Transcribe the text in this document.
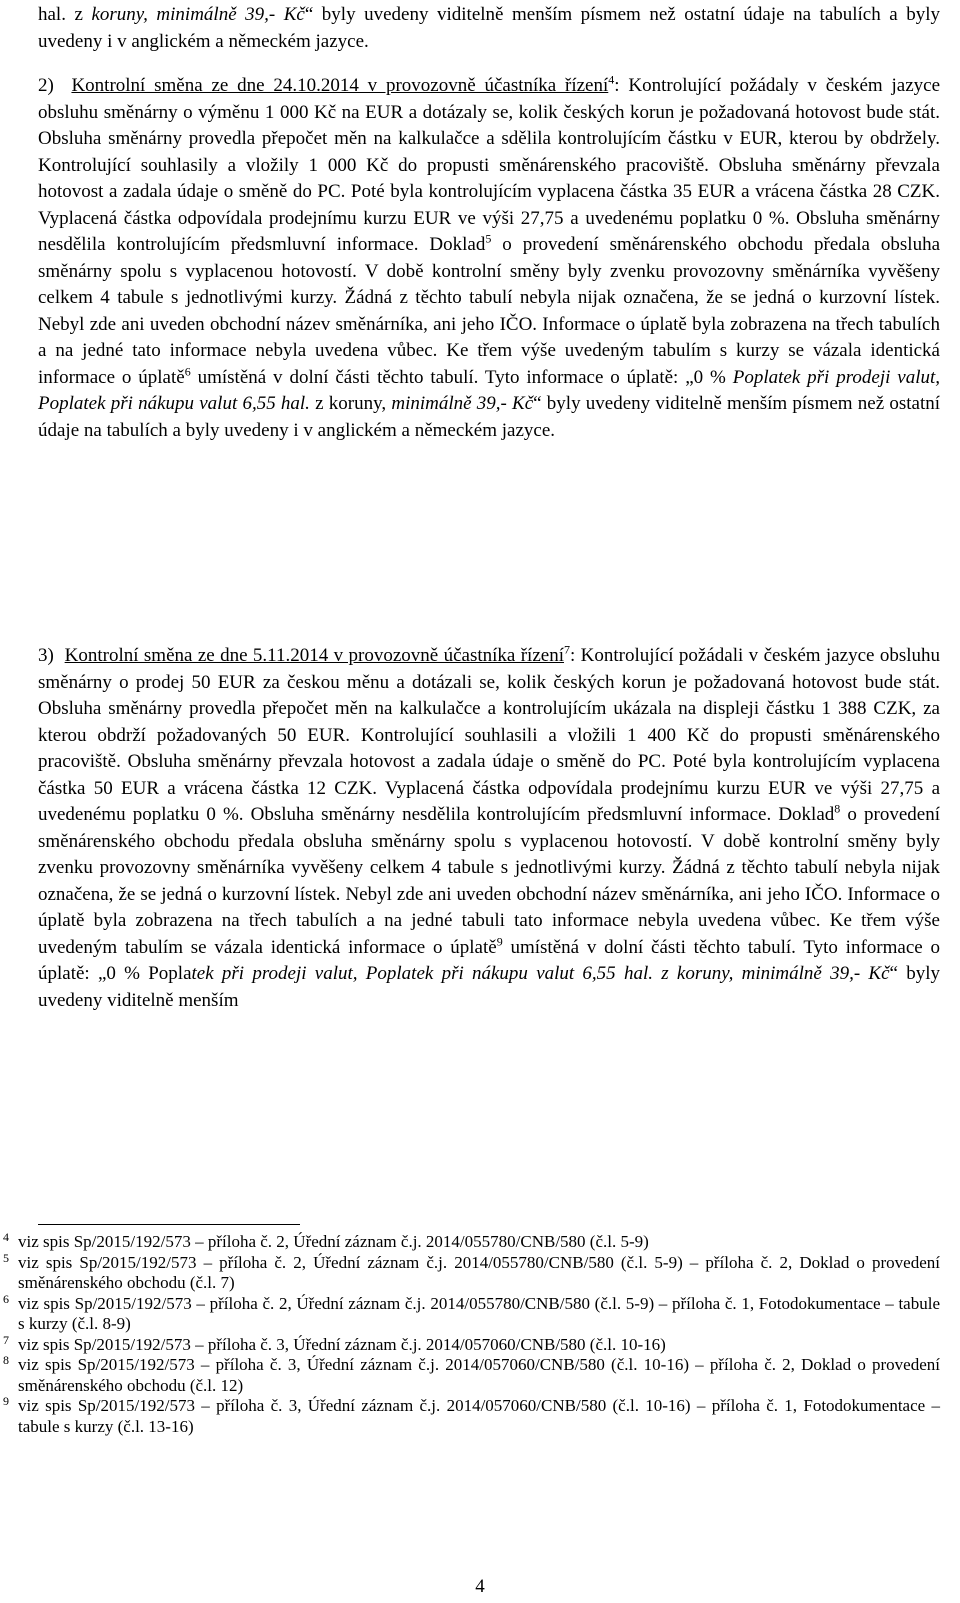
hal. z koruny, minimálně 39,- Kč“ byly uvedeny viditelně menším písmem než ostatní údaje na tabulích a byly uvedeny i v anglickém a německém jazyce.

2) Kontrolní směna ze dne 24.10.2014 v provozovně účastníka řízení$^4$: Kontrolující požádaly v českém jazyce obsluhu směnárny o výměnu 1 000 Kč na EUR a dotázaly se, kolik českých korun je požadovaná hotovost bude stát. Obsluha směnárny provedla přepočet měn na kalkulačce a sdělila kontrolujícím částku v EUR, kterou by obdržely. Kontrolující souhlasily a vložily 1 000 Kč do propusti směnárenského pracoviště. Obsluha směnárny převzala hotovost a zadala údaje o směně do PC. Poté byla kontrolujícím vyplacena částka 35 EUR a vrácena částka 28 CZK. Vyplacená částka odpovídala prodejnímu kurzu EUR ve výši 27,75 a uvedenému poplatku 0 %. Obsluha směnárny nesdělila kontrolujícím předsmluvní informace. Doklad$^5$ o provedení směnárenského obchodu předala obsluha směnárny spolu s vyplacenou hotovostí. V době kontrolní směny byly zvenku provozovny směnárníka vyvěšeny celkem 4 tabule s jednotlivými kurzy. Žádná z těchto tabulí nebyla nijak označena, že se jedná o kurzovní lístek. Nebyl zde ani uveden obchodní název směnárníka, ani jeho IČO. Informace o úplatě byla zobrazena na třech tabulích a na jedné tato informace nebyla uvedena vůbec. Ke třem výše uvedeným tabulím s kurzy se vázala identická informace o úplatě$^6$ umístěná v dolní části těchto tabulí. Tyto informace o úplatě: „0 % Poplatek při prodeji valut, Poplatek při nákupu valut 6,55 hal. z koruny, minimálně 39,- Kč“ byly uvedeny viditelně menším písmem než ostatní údaje na tabulích a byly uvedeny i v anglickém a německém jazyce.

3) Kontrolní směna ze dne 5.11.2014 v provozovně účastníka řízení$^7$: Kontrolující požádali v českém jazyce obsluhu směnárny o prodej 50 EUR za českou měnu a dotázali se, kolik českých korun je požadovaná hotovost bude stát. Obsluha směnárny provedla přepočet měn na kalkulačce a kontrolujícím ukázala na displeji částku 1 388 CZK, za kterou obdrží požadovaných 50 EUR. Kontrolující souhlasili a vložili 1 400 Kč do propusti směnárenského pracoviště. Obsluha směnárny převzala hotovost a zadala údaje o směně do PC. Poté byla kontrolujícím vyplacena částka 50 EUR a vrácena částka 12 CZK. Vyplacená částka odpovídala prodejnímu kurzu EUR ve výši 27,75 a uvedenému poplatku 0 %. Obsluha směnárny nesdělila kontrolujícím předsmluvní informace. Doklad$^8$ o provedení směnárenského obchodu předala obsluha směnárny spolu s vyplacenou hotovostí. V době kontrolní směny byly zvenku provozovny směnárníka vyvěšeny celkem 4 tabule s jednotlivými kurzy. Žádná z těchto tabulí nebyla nijak označena, že se jedná o kurzovní lístek. Nebyl zde ani uveden obchodní název směnárníka, ani jeho IČO. Informace o úplatě byla zobrazena na třech tabulích a na jedné tabuli tato informace nebyla uvedena vůbec. Ke třem výše uvedeným tabulím se vázala identická informace o úplatě$^9$ umístěná v dolní části těchto tabulí. Tyto informace o úplatě: „0 % Poplatek při prodeji valut, Poplatek při nákupu valut 6,55 hal. z koruny, minimálně 39,- Kč“ byly uvedeny viditelně menším

4 viz spis Sp/2015/192/573 – příloha č. 2, Úřední záznam č.j. 2014/055780/CNB/580 (č.l. 5-9)

5 viz spis Sp/2015/192/573 – příloha č. 2, Úřední záznam č.j. 2014/055780/CNB/580 (č.l. 5-9) – příloha č. 2, Doklad o provedení směnárenského obchodu (č.l. 7)

6 viz spis Sp/2015/192/573 – příloha č. 2, Úřední záznam č.j. 2014/055780/CNB/580 (č.l. 5-9) – příloha č. 1, Fotodokumentace – tabule s kurzy (č.l. 8-9)

7 viz spis Sp/2015/192/573 – příloha č. 3, Úřední záznam č.j. 2014/057060/CNB/580 (č.l. 10-16)

8 viz spis Sp/2015/192/573 – příloha č. 3, Úřední záznam č.j. 2014/057060/CNB/580 (č.l. 10-16) – příloha č. 2, Doklad o provedení směnárenského obchodu (č.l. 12)

9 viz spis Sp/2015/192/573 – příloha č. 3, Úřední záznam č.j. 2014/057060/CNB/580 (č.l. 10-16) – příloha č. 1, Fotodokumentace – tabule s kurzy (č.l. 13-16)

4
